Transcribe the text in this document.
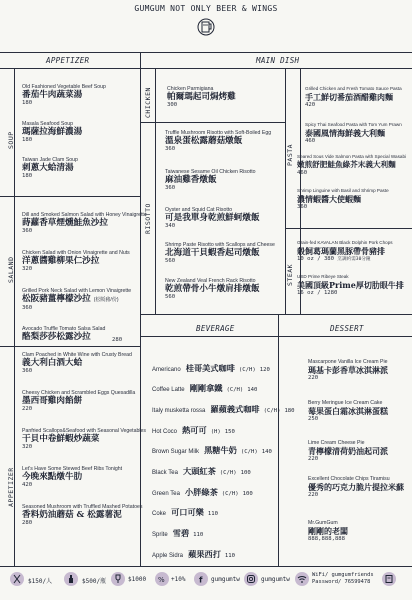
GUMGUM NOT ONLY BEER & WINGS
APPETIZER	MAIN DISH
BEVERAGE	DESSERT
SOUP
SALAND
APPETIZER
CHICKEN
RISOTTO
PASTA
STEAK
Old Fashioned Vegetable Beef Soup
番茄牛肉蔬菜湯
180
Masala Seafood Soup
瑪薩拉海鮮濃湯
180
Taiwan Jade Clam Soup
刺蔥大蛤清湯
180
Dill and Smoked Salmon Salad with Honey Vinaigrette
蒔蘿香草煙燻鮭魚沙拉
360
Chicken Salad with Onion Vinaigrette and Nuts
洋蔥醬雞柳果仁沙拉
320
Grilled Pork Neck Salad with Lemon Vinaigrette
松阪豬薑檸檬沙拉 (松阪豬/份)
360
Avocado Truffle Tomato Salsa Salad
酪梨莎莎松露沙拉	280
Clam Poached in White Wine with Crusty Bread
義大利白酒大蛤
360
Cheesy Chicken and Scrambled Eggs Quesadilla
墨西哥雞肉餡餅
220
Panfried Scallops&Seafood with Seasonal Vegetables
干貝中卷鮮蝦炒蔬菜
320
Let's Have Some Stewed Beef Ribs Tonight
今晚來點燉牛肋
420
Seasoned Mushroom with Truffled Mashed Potatoes
香料奶油蘑菇 & 松露薯泥
280
Chicken Parmigiana
帕爾瑪起司焗烤雞
300
Truffle Mushroom Risotto with Soft-Boiled Egg
溫泉蛋松露蘑菇燉飯
360
Taiwanese Sesame Oil Chicken Risotto
麻油雞香燉飯
360
Oyster and Squid Cat Risotto
可是我單身乾煎鮮蚵燉飯
340
Shrimp Paste Risotto with Scallops and Cheese
北海道干貝蝦香起司燉飯
560
New Zealand Veal French Rack Risotto
乾煎帶骨小牛燉肩排燉飯
560
Grilled Chicken and Fresh Tomato Sauce Pasta
手工鮮切番茄酒醋雞肉麵
420
Spicy Thai Seafood Pasta with Tom Yum Prawn
泰國風情海鮮義大利麵
460
Seared Sous Vide Salmon Pasta with Special Wasabi
嫩煎舒肥鮭魚綠芥末義大利麵
460
Shrimp Linguine with Basil and Shrimp Paste
濃情蝦醬大使蝦麵
360
Grain-fed KAVALAN Black Dolphin Pork Chops
穀飼葛瑪蘭黑豚帶骨豬排
10 oz / 380 烹調約需30分鐘
USD Prime Ribeye Steak
美國頂級Prime厚切肋眼牛排
16 oz / 1280
Americano 桂哥美式咖啡 (C/H) 120
Coffee Latte 剛剛拿鐵 (C/H) 140
Italy musketta rossa 羅蘋義式咖啡 (C/H) 180
Hot Coco 熱可可 (H) 150
Brown Sugar Milk 黑糖牛奶 (C/H) 140
Black Tea 大頭紅茶 (C/H) 100
Green Tea 小胖綠茶 (C/H) 100
Coke 可口可樂 110
Sprite 雪碧 110
Apple Sidra 蘋果西打 110
Mascarpone Vanilla Ice Cream Pie
瑪基卡彭香草冰淇淋派
220
Berry Meringue Ice Cream Cake
莓果蛋白霜冰淇淋蛋糕
250
Lime Cream Cheese Pie
青檸檬清荷奶油起司派
220
Excellent Chocolate Chips Tiramisu
優秀的巧克力脆片提拉米蘇
220
Mr.GumGum
剛剛的老闆
888,888,888
$150/人	$500/瓶	$1000 % +10% f gumgumtw	gumgumtw
WiFi/ gumgumfriends
Password/ 76599478
